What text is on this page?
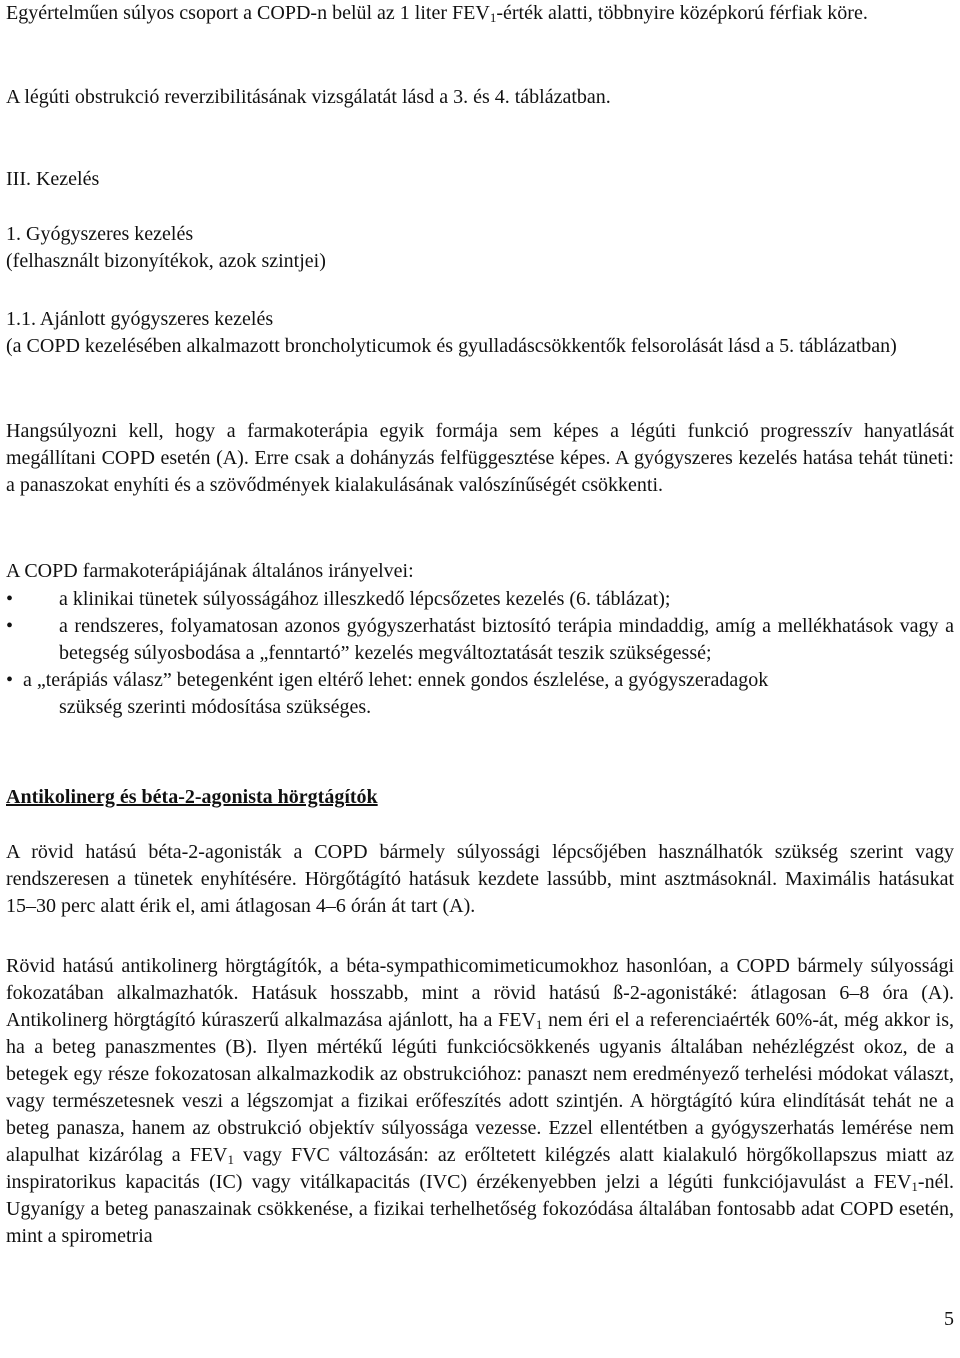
Egyértelműen súlyos csoport a COPD-n belül az 1 liter $FEV_1$-érték alatti, többnyire középkorú férfiak köre.

A légúti obstrukció reverzibilitásának vizsgálatát lásd a 3. és 4. táblázatban.

III. Kezelés

1. Gyógyszeres kezelés

(felhasznált bizonyítékok, azok szintjei)

1.1. Ajánlott gyógyszeres kezelés

(a COPD kezelésében alkalmazott broncholyticumok és gyulladáscsökkentők felsorolását lásd a 5. táblázatban)

Hangsúlyozni kell, hogy a farmakoterápia egyik formája sem képes a légúti funkció progresszív hanyatlását megállítani COPD esetén (A). Erre csak a dohányzás felfüggesztése képes. A gyógyszeres kezelés hatása tehát tüneti: a panaszokat enyhíti és a szövődmények kialakulásának valószínűségét csökkenti.

A COPD farmakoterápiájának általános irányelvei:

• a klinikai tünetek súlyosságához illeszkedő lépcsőzetes kezelés (6. táblázat);
• a rendszeres, folyamatosan azonos gyógyszerhatást biztosító terápia mindaddig, amíg a mellékhatások vagy a betegség súlyosbodása a „fenntartó” kezelés megváltoztatását teszik szükségessé;
• a „terápiás válasz” betegenként igen eltérő lehet: ennek gondos észlelése, a gyógyszeradagok
szükség szerinti módosítása szükséges.

Antikolinerg és béta-2-agonista hörgtágítók

A rövid hatású béta-2-agonisták a COPD bármely súlyossági lépcsőjében használhatók szükség szerint vagy rendszeresen a tünetek enyhítésére. Hörgőtágító hatásuk kezdete lassúbb, mint asztmásoknál. Maximális hatásukat 15–30 perc alatt érik el, ami átlagosan 4–6 órán át tart (A).

Rövid hatású antikolinerg hörgtágítók, a béta-sympathicomimeticumokhoz hasonlóan, a COPD bármely súlyossági fokozatában alkalmazhatók. Hatásuk hosszabb, mint a rövid hatású ß-2-agonistáké: átlagosan 6–8 óra (A). Antikolinerg hörgtágító kúraszerű alkalmazása ajánlott, ha a $FEV_1$ nem éri el a referenciaérték 60%-át, még akkor is, ha a beteg panaszmentes (B). Ilyen mértékű légúti funkciócsökkenés ugyanis általában nehézlégzést okoz, de a betegek egy része fokozatosan alkalmazkodik az obstrukcióhoz: panaszt nem eredményező terhelési módokat választ, vagy természetesnek veszi a légszomjat a fizikai erőfeszítés adott szintjén. A hörgtágító kúra elindítását tehát ne a beteg panasza, hanem az obstrukció objektív súlyossága vezesse. Ezzel ellentétben a gyógyszerhatás lemérése nem alapulhat kizárólag a $FEV_1$ vagy FVC változásán: az erőltetett kilégzés alatt kialakuló hörgőkollapszus miatt az inspiratorikus kapacitás (IC) vagy vitálkapacitás (IVC) érzékenyebben jelzi a légúti funkciójavulást a $FEV_1$-nél. Ugyanígy a beteg panaszainak csökkenése, a fizikai terhelhetőség fokozódása általában fontosabb adat COPD esetén, mint a spirometria

5
